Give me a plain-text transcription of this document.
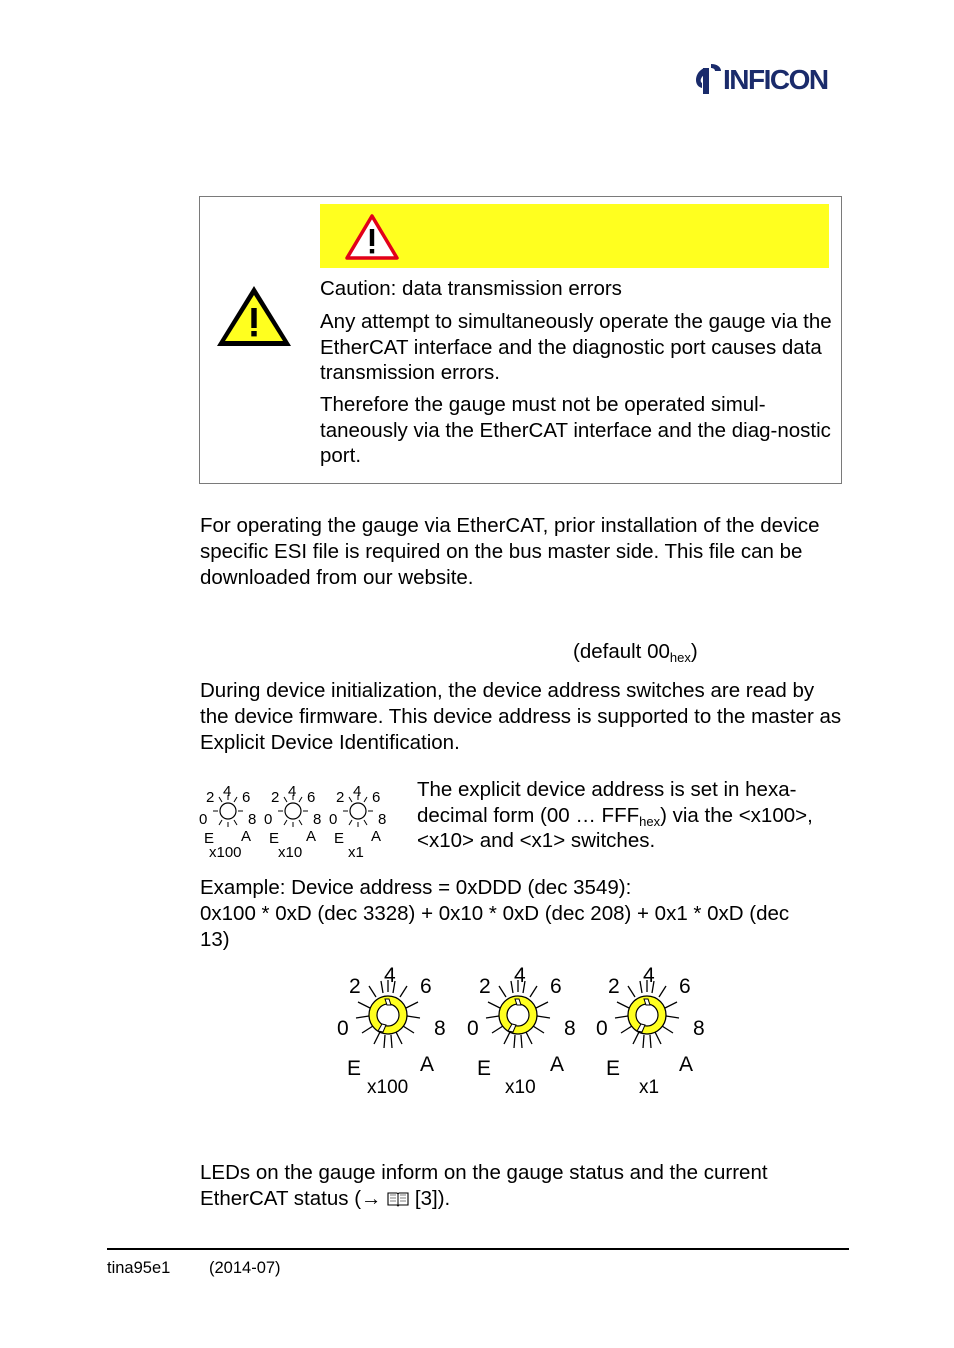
INFICON
Caution: data transmission errors
Any attempt to simultaneously operate the gauge via the EtherCAT interface and the diagnostic port causes data transmission errors.
Therefore the gauge must not be operated simul-taneously via the EtherCAT interface and the diag-nostic port.
For operating the gauge via EtherCAT, prior installation of the device specific ESI file is required on the bus master side. This file can be downloaded from our website.
(default $00_{hex}$)
During device initialization, the device address switches are read by the device firmware. This device address is supported to the master as Explicit Device Identification.
2 4 6
0	8
E A
x100
2 4 6
0	8
E A
x10
2 4 6
0	8
E A
x1
The explicit device address is set in hexa-decimal form (00 … $FFF_{hex}$) via the <x100>, <x10> and <x1> switches.
Example: Device address = 0xDDD (dec 3549):
0x100 * 0xD (dec 3328) + 0x10 * 0xD (dec 208) + 0x1 * 0xD (dec 13)
2 4 6
0	8
E	A
x100
2 4 6
0	8
E	A
x10
2 4 6
0	8
E	A
x1
LEDs on the gauge inform on the gauge status and the current EtherCAT status (→  [3]).
tina95e1 (2014-07)
